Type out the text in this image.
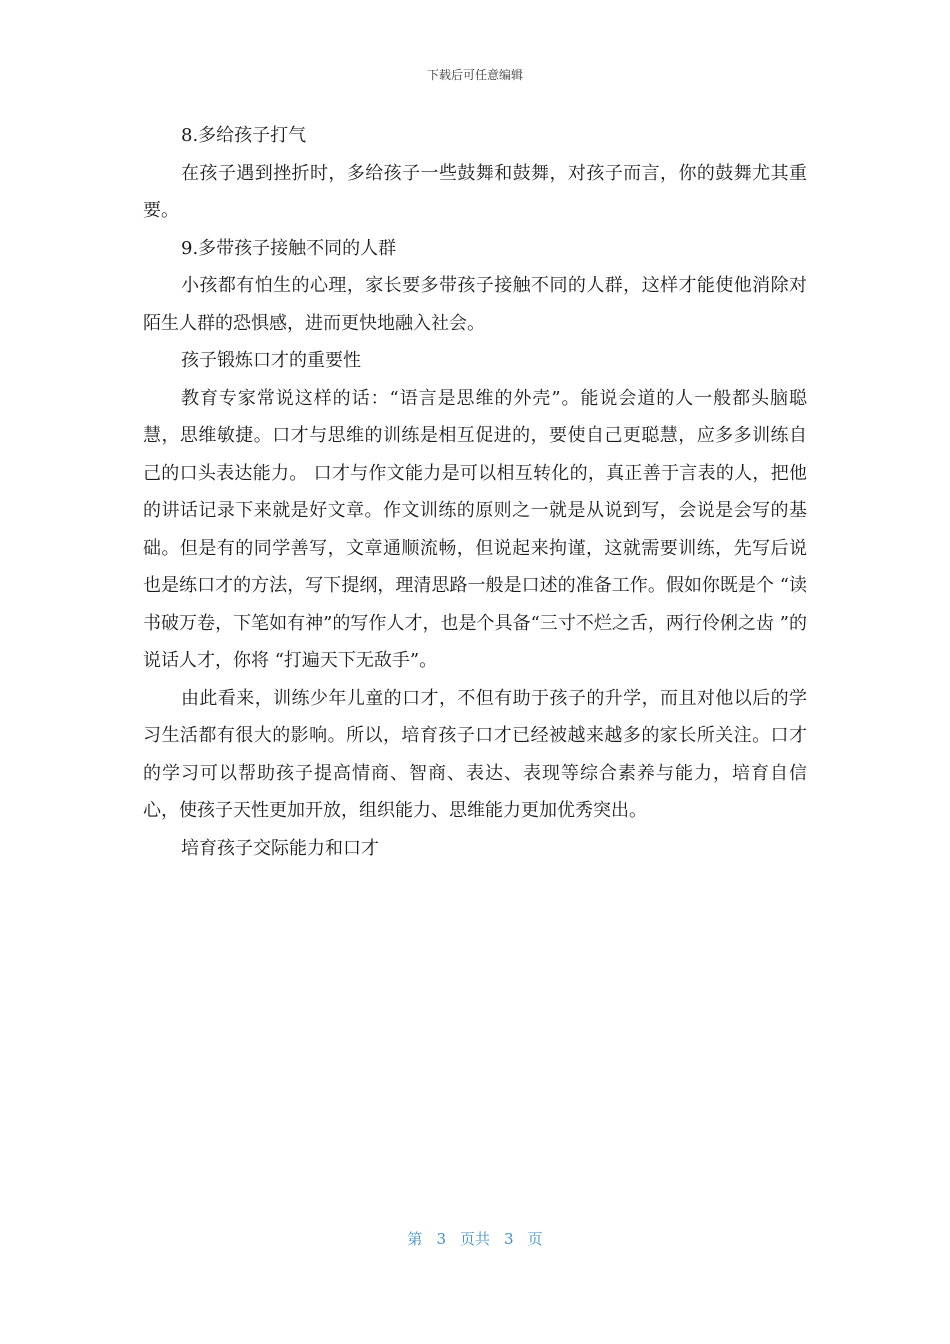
下载后可任意编辑

8.多给孩子打气

在孩子遇到挫折时，多给孩子一些鼓舞和鼓舞，对孩子而言，你的鼓舞尤其重要。

9.多带孩子接触不同的人群

小孩都有怕生的心理，家长要多带孩子接触不同的人群，这样才能使他消除对陌生人群的恐惧感，进而更快地融入社会。

孩子锻炼口才的重要性

教育专家常说这样的话：“语言是思维的外壳”。能说会道的人一般都头脑聪慧，思维敏捷。口才与思维的训练是相互促进的，要使自己更聪慧，应多多训练自己的口头表达能力。 口才与作文能力是可以相互转化的，真正善于言表的人，把他的讲话记录下来就是好文章。作文训练的原则之一就是从说到写，会说是会写的基础。但是有的同学善写，文章通顺流畅，但说起来拘谨，这就需要训练，先写后说也是练口才的方法，写下提纲，理清思路一般是口述的准备工作。假如你既是个 “读书破万卷，下笔如有神”的写作人才，也是个具备“三寸不烂之舌，两行伶俐之齿 ”的说话人才，你将 “打遍天下无敌手”。

由此看来，训练少年儿童的口才，不但有助于孩子的升学，而且对他以后的学习生活都有很大的影响。所以，培育孩子口才已经被越来越多的家长所关注。口才的学习可以帮助孩子提高情商、智商、表达、表现等综合素养与能力，培育自信心，使孩子天性更加开放，组织能力、思维能力更加优秀突出。

培育孩子交际能力和口才

第 3 页共 3 页
